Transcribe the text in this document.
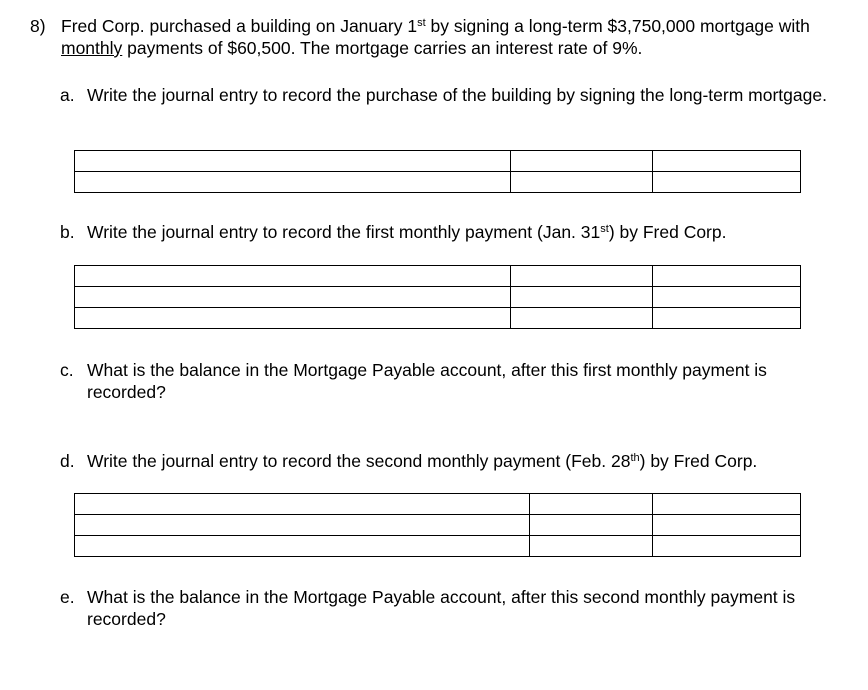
8) Fred Corp. purchased a building on January 1st by signing a long-term $3,750,000 mortgage with monthly payments of $60,500. The mortgage carries an interest rate of 9%.
a. Write the journal entry to record the purchase of the building by signing the long-term mortgage.

b. Write the journal entry to record the first monthly payment (Jan. 31st) by Fred Corp.

c. What is the balance in the Mortgage Payable account, after this first monthly payment is recorded?
d. Write the journal entry to record the second monthly payment (Feb. 28th) by Fred Corp.

e. What is the balance in the Mortgage Payable account, after this second monthly payment is recorded?
